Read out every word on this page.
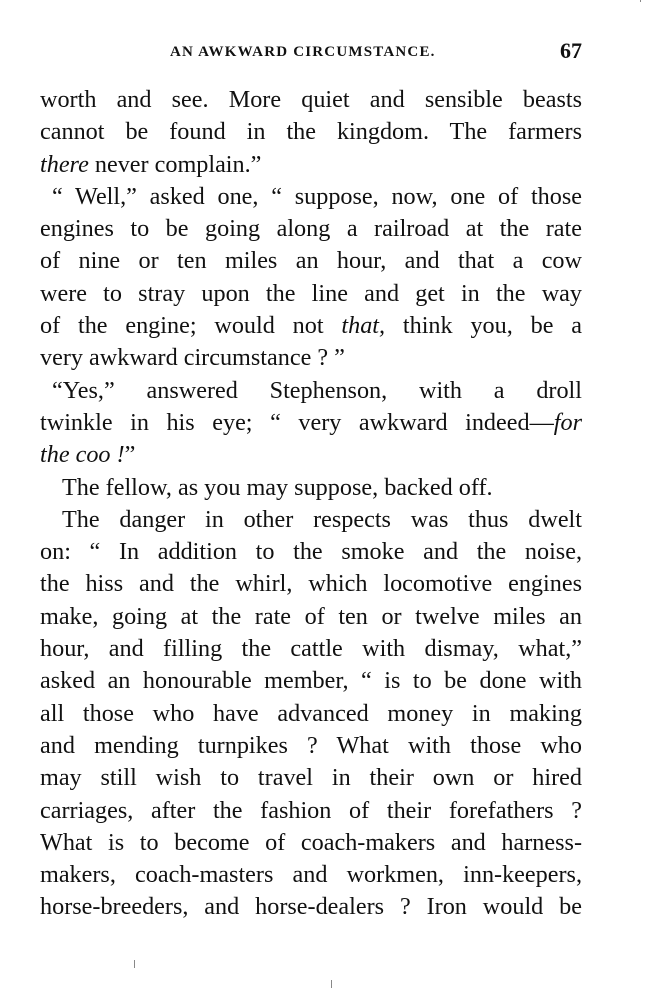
AN AWKWARD CIRCUMSTANCE.	67
worth and see. More quiet and sensible beasts
cannot be found in the kingdom. The farmers
there never complain.”
“ Well,” asked one, “ suppose, now, one of those
engines to be going along a railroad at the rate
of nine or ten miles an hour, and that a cow
were to stray upon the line and get in the way
of the engine; would not that, think you, be a
very awkward circumstance ? ”
“Yes,” answered Stephenson, with a droll
twinkle in his eye; “ very awkward indeed—for
the coo !”
The fellow, as you may suppose, backed off.
The danger in other respects was thus dwelt
on: “ In addition to the smoke and the noise,
the hiss and the whirl, which locomotive engines
make, going at the rate of ten or twelve miles an
hour, and filling the cattle with dismay, what,”
asked an honourable member, “ is to be done with
all those who have advanced money in making
and mending turnpikes ? What with those who
may still wish to travel in their own or hired
carriages, after the fashion of their forefathers ?
What is to become of coach-makers and harness-
makers, coach-masters and workmen, inn-keepers,
horse-breeders, and horse-dealers ? Iron would be
